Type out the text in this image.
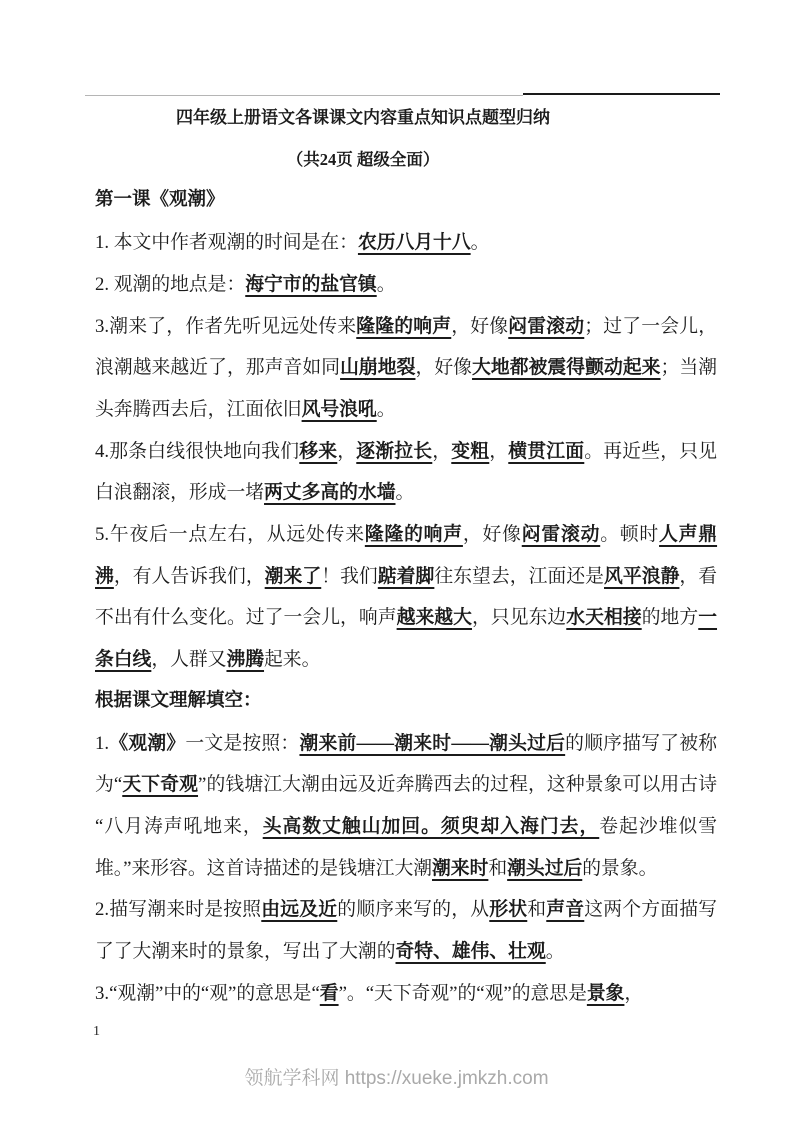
四年级上册语文各课课文内容重点知识点题型归纳
（共24页 超级全面）
第一课《观潮》

1. 本文中作者观潮的时间是在：农历八月十八。

2. 观潮的地点是：海宁市的盐官镇。

3.潮来了，作者先听见远处传来隆隆的响声，好像闷雷滚动；过了一会儿，浪潮越来越近了，那声音如同山崩地裂，好像大地都被震得颤动起来；当潮头奔腾西去后，江面依旧风号浪吼。

4.那条白线很快地向我们移来，逐渐拉长，变粗，横贯江面。再近些，只见白浪翻滚，形成一堵两丈多高的水墙。

5.午夜后一点左右，从远处传来隆隆的响声，好像闷雷滚动。顿时人声鼎沸，有人告诉我们，潮来了！我们踮着脚往东望去，江面还是风平浪静，看不出有什么变化。过了一会儿，响声越来越大，只见东边水天相接的地方一条白线，人群又沸腾起来。

根据课文理解填空：

1.《观潮》一文是按照：潮来前——潮来时——潮头过后的顺序描写了被称为“天下奇观”的钱塘江大潮由远及近奔腾西去的过程，这种景象可以用古诗“八月涛声吼地来，头高数丈触山加回。须臾却入海门去，卷起沙堆似雪堆。”来形容。这首诗描述的是钱塘江大潮潮来时和潮头过后的景象。

2.描写潮来时是按照由远及近的顺序来写的，从形状和声音这两个方面描写了了大潮来时的景象，写出了大潮的奇特、雄伟、壮观。

3.“观潮”中的“观”的意思是“看”。“天下奇观”的“观”的意思是景象，

1
领航学科网 https://xueke.jmkzh.com
